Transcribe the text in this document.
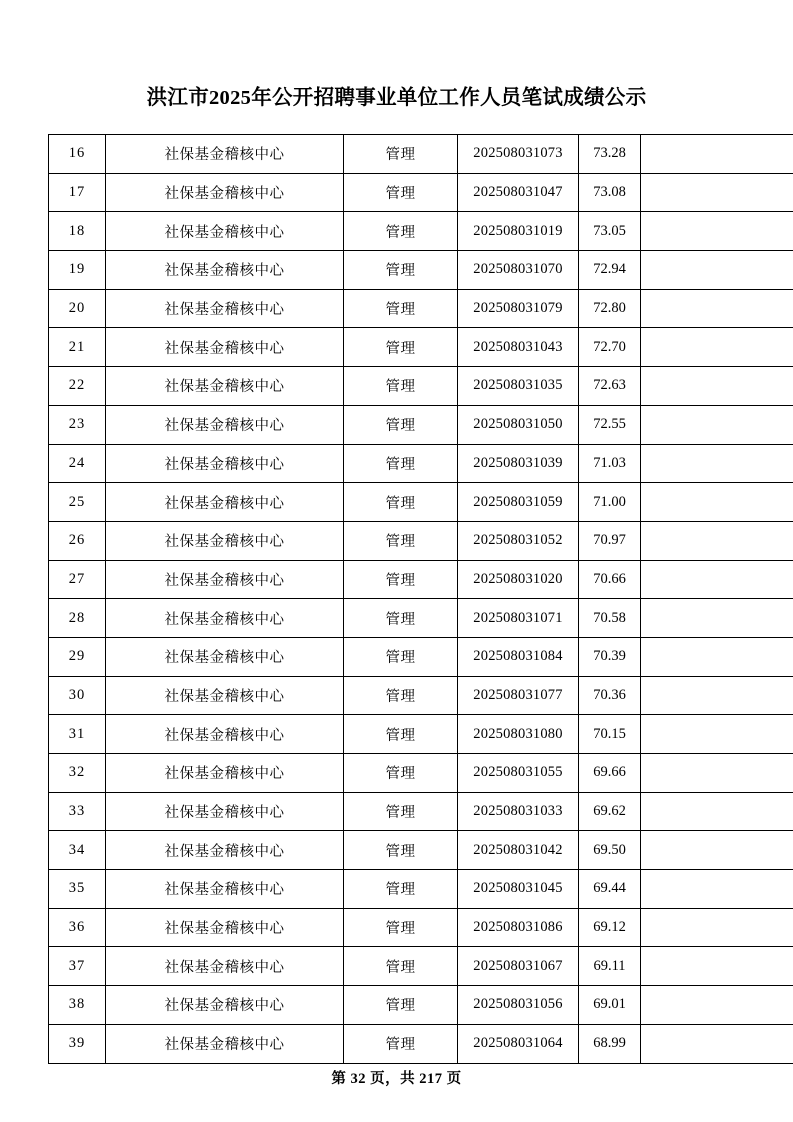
洪江市2025年公开招聘事业单位工作人员笔试成绩公示
16	社保基金稽核中心	管理	202508031073	73.28	
17	社保基金稽核中心	管理	202508031047	73.08	
18	社保基金稽核中心	管理	202508031019	73.05	
19	社保基金稽核中心	管理	202508031070	72.94	
20	社保基金稽核中心	管理	202508031079	72.80	
21	社保基金稽核中心	管理	202508031043	72.70	
22	社保基金稽核中心	管理	202508031035	72.63	
23	社保基金稽核中心	管理	202508031050	72.55	
24	社保基金稽核中心	管理	202508031039	71.03	
25	社保基金稽核中心	管理	202508031059	71.00	
26	社保基金稽核中心	管理	202508031052	70.97	
27	社保基金稽核中心	管理	202508031020	70.66	
28	社保基金稽核中心	管理	202508031071	70.58	
29	社保基金稽核中心	管理	202508031084	70.39	
30	社保基金稽核中心	管理	202508031077	70.36	
31	社保基金稽核中心	管理	202508031080	70.15	
32	社保基金稽核中心	管理	202508031055	69.66	
33	社保基金稽核中心	管理	202508031033	69.62	
34	社保基金稽核中心	管理	202508031042	69.50	
35	社保基金稽核中心	管理	202508031045	69.44	
36	社保基金稽核中心	管理	202508031086	69.12	
37	社保基金稽核中心	管理	202508031067	69.11	
38	社保基金稽核中心	管理	202508031056	69.01	
39	社保基金稽核中心	管理	202508031064	68.99	
第 32 页，共 217 页
